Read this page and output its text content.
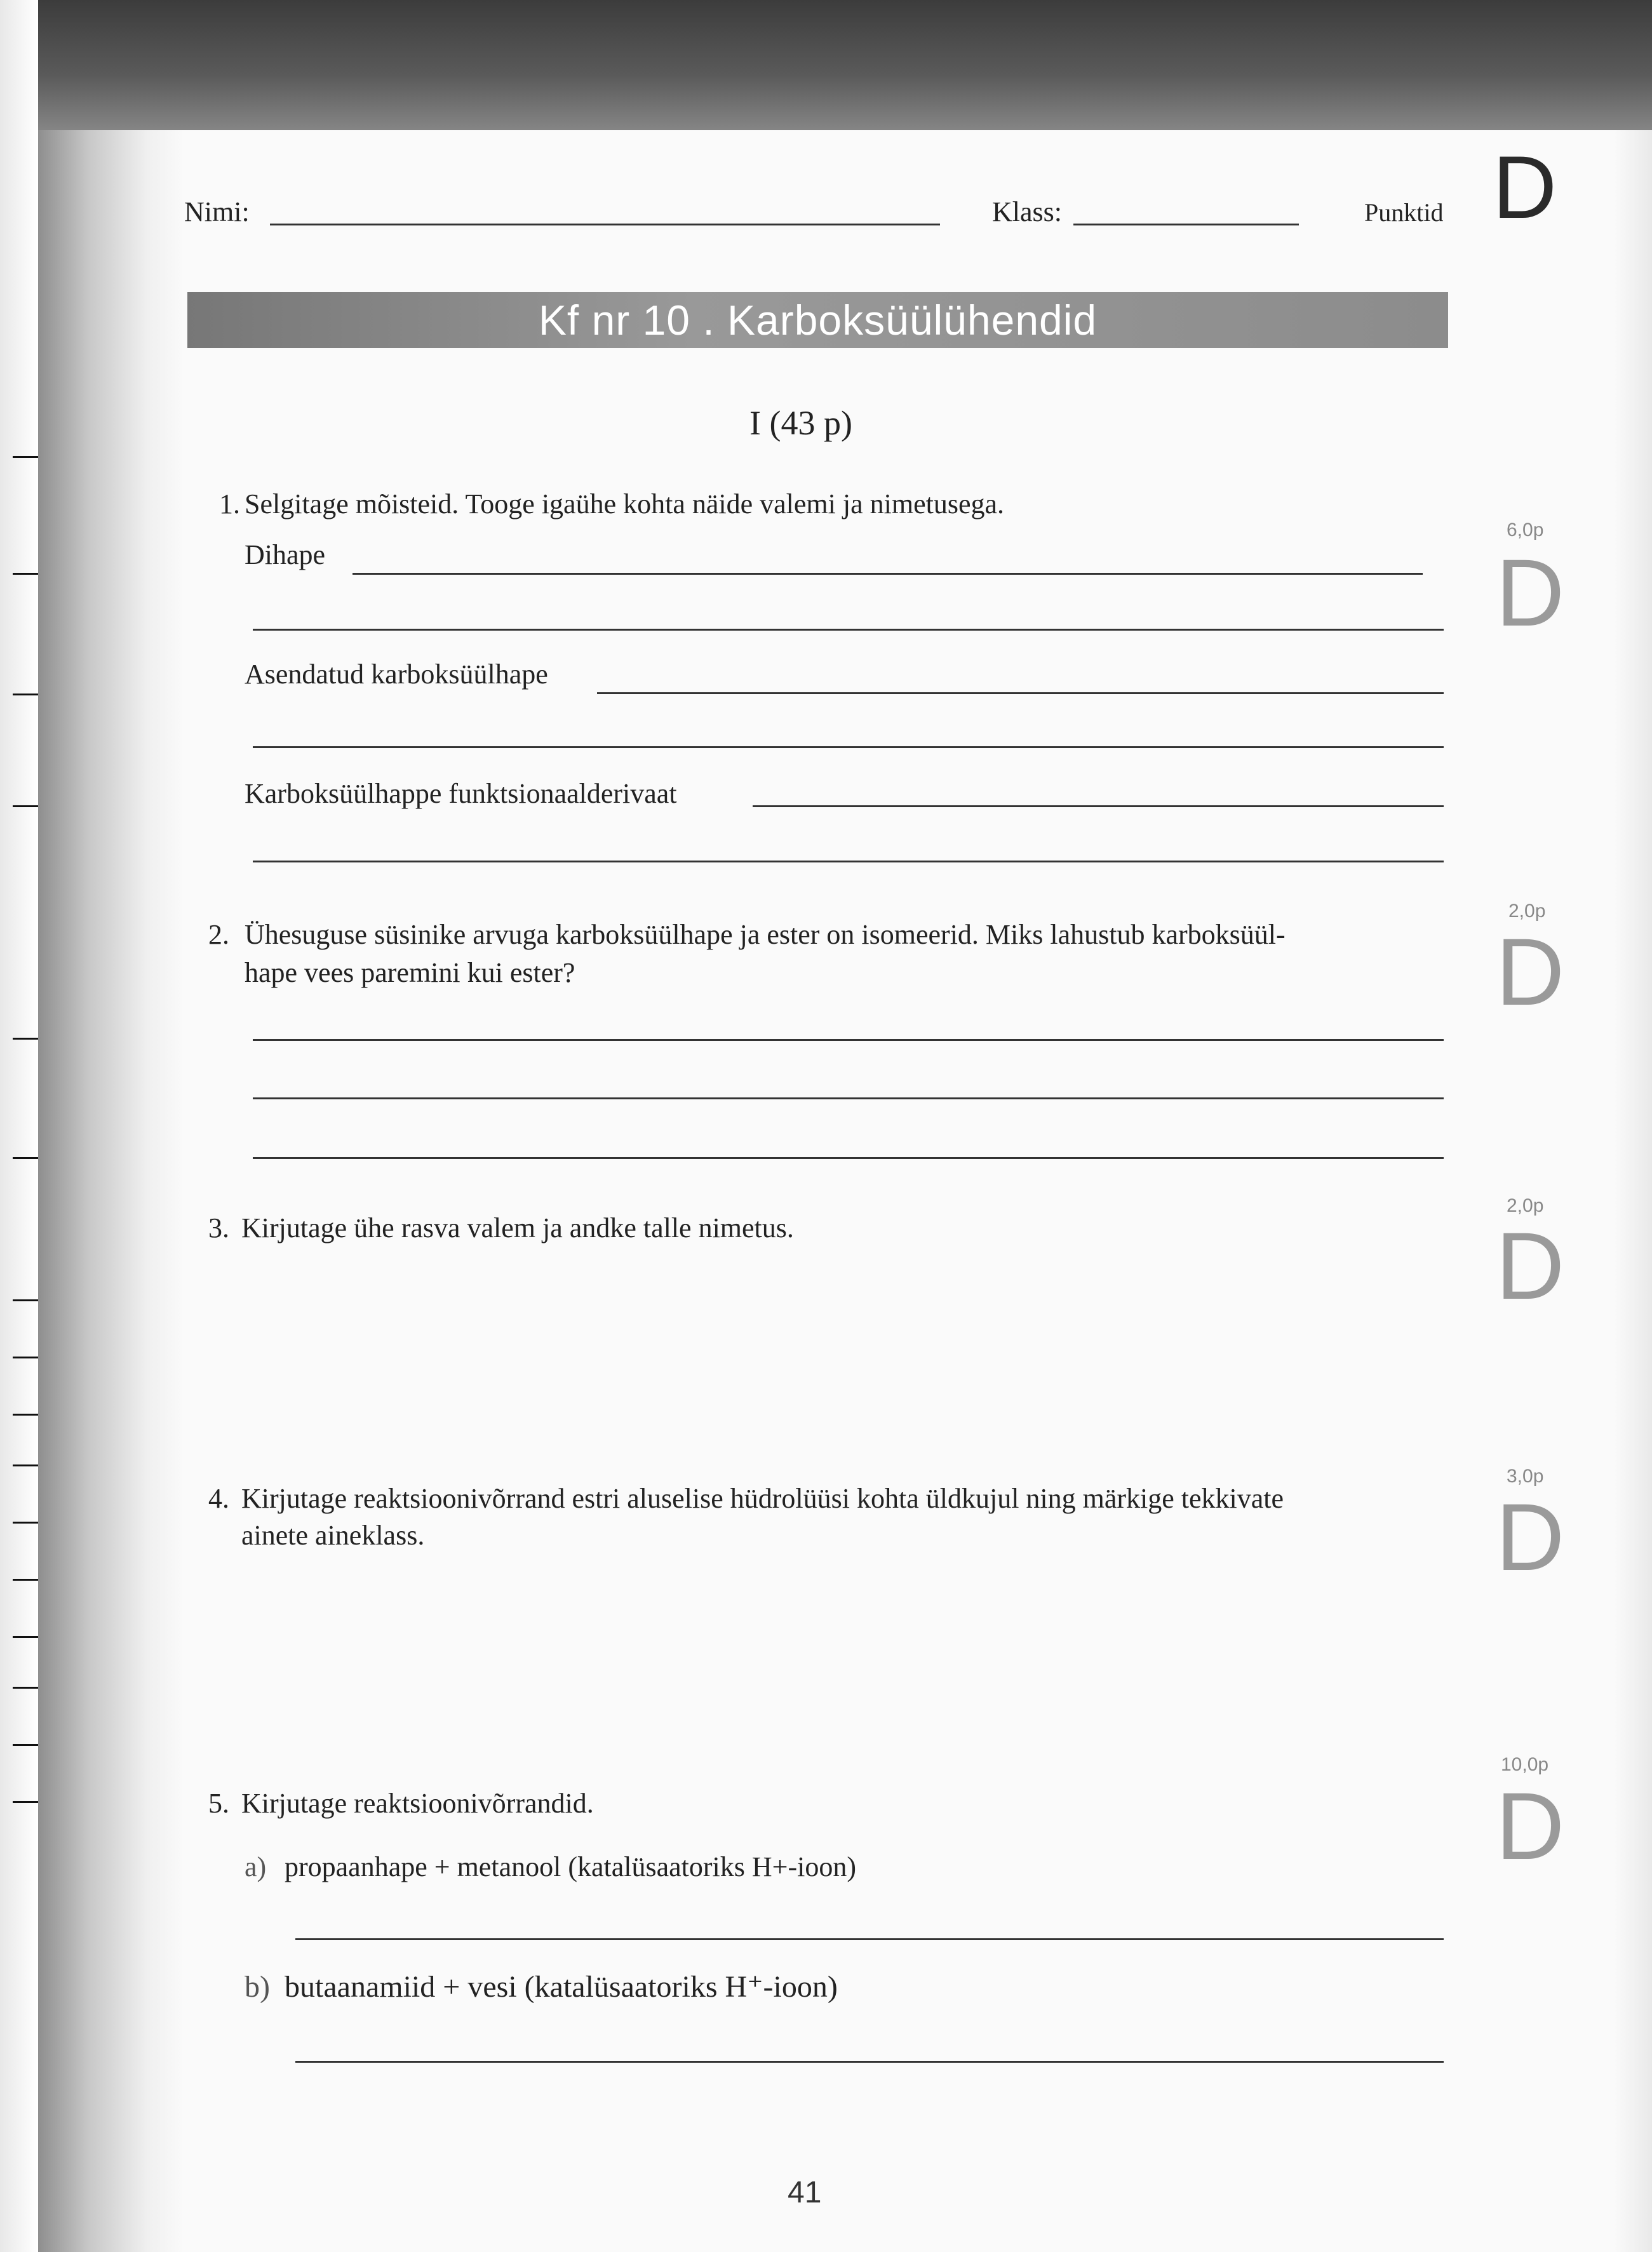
Nimi:	Klass:	Punktid D
Kf nr 10 . Karboksüülühendid
I (43 p)
1. Selgitage mõisteid. Tooge igaühe kohta näide valemi ja nimetusega.
6,0p
D
Dihape
Asendatud karboksüülhape
Karboksüülhappe funktsionaalderivaat
2. Ühesuguse süsinike arvuga karboksüülhape ja ester on isomeerid. Miks lahustub karboksüül-
hape vees paremini kui ester?
2,0p
D
3. Kirjutage ühe rasva valem ja andke talle nimetus.
2,0p
D
4. Kirjutage reaktsioonivõrrand estri aluselise hüdrolüüsi kohta üldkujul ning märkige tekkivate
ainete aineklass.
3,0p
D
5. Kirjutage reaktsioonivõrrandid.
10,0p
D
a) propaanhape + metanool (katalüsaatoriks H+-ioon)
b) butaanamiid + vesi (katalüsaatoriks H⁺-ioon)
41
